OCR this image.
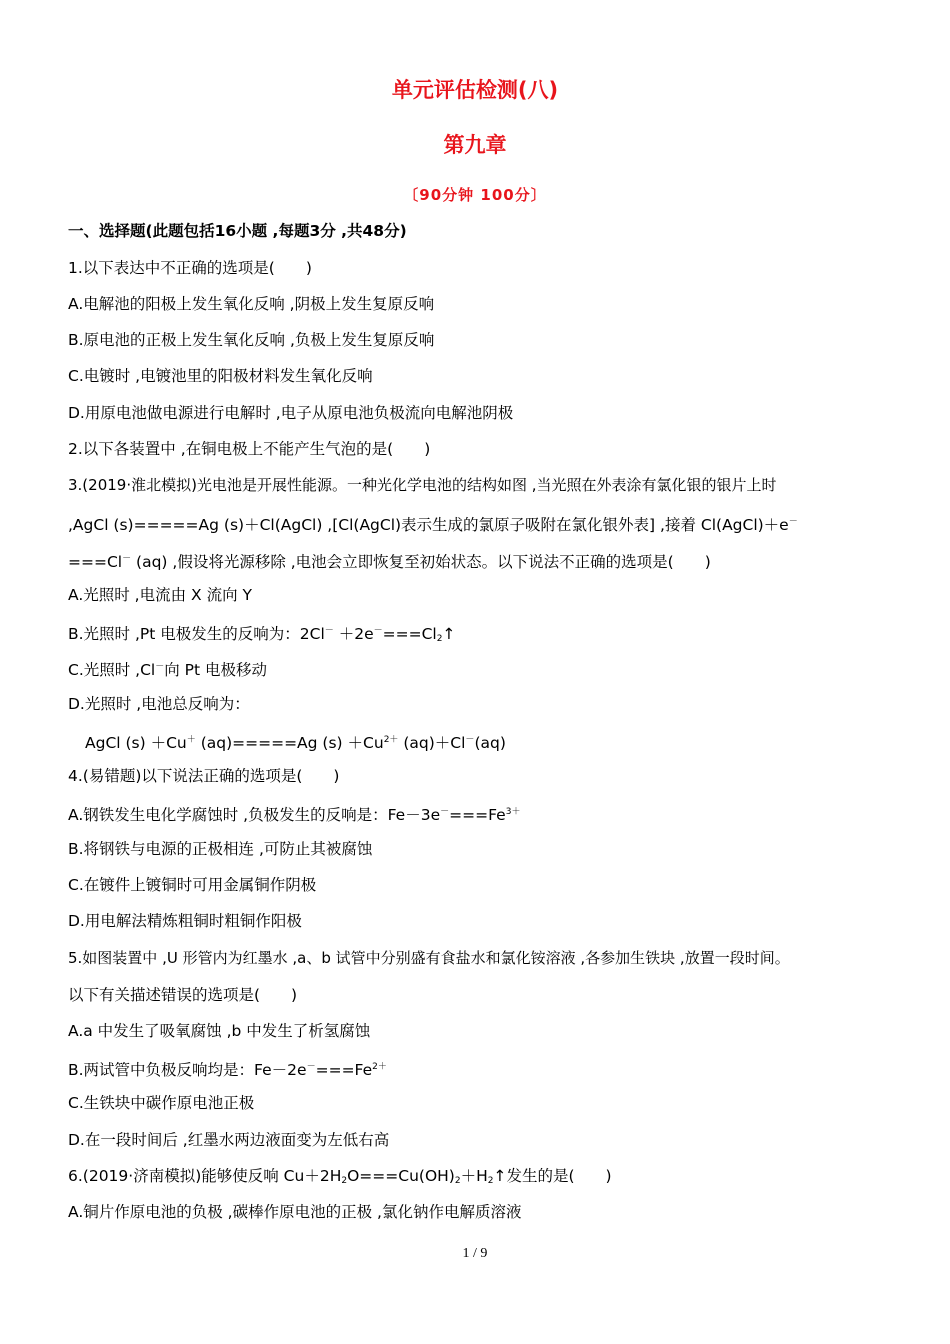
单元评估检测(八)
第九章
〔90分钟 100分〕
一、选择题(此题包括16小题 ,每题3分 ,共48分)
1.以下表达中不正确的选项是(　　)
A.电解池的阳极上发生氧化反响 ,阴极上发生复原反响
B.原电池的正极上发生氧化反响 ,负极上发生复原反响
C.电镀时 ,电镀池里的阳极材料发生氧化反响
D.用原电池做电源进行电解时 ,电子从原电池负极流向电解池阴极
2.以下各装置中 ,在铜电极上不能产生气泡的是(　　)
3.(2019·淮北模拟)光电池是开展性能源。一种光化学电池的结构如图 ,当光照在外表涂有氯化银的银片上时
,AgCl (s)=====Ag (s)＋Cl(AgCl) ,[Cl(AgCl)表示生成的氯原子吸附在氯化银外表] ,接着 Cl(AgCl)＋e－
===Cl－ (aq) ,假设将光源移除 ,电池会立即恢复至初始状态。以下说法不正确的选项是(　　)
A.光照时 ,电流由 X 流向 Y
B.光照时 ,Pt 电极发生的反响为：$2Cl^- +2e^-===Cl_2↑$
C.光照时 ,Cl－向 Pt 电极移动
D.光照时 ,电池总反响为：
AgCl (s) ＋Cu＋ (aq)=====Ag $(s) +Cu^{2+}$ (aq)＋Cl－(aq)
4.(易错题)以下说法正确的选项是(　　)
A.钢铁发生电化学腐蚀时 ,负极发生的反响是：$Fe-3e^-===Fe^{3+}$
B.将钢铁与电源的正极相连 ,可防止其被腐蚀
C.在镀件上镀铜时可用金属铜作阴极
D.用电解法精炼粗铜时粗铜作阳极
5.如图装置中 ,U 形管内为红墨水 ,a、b 试管中分别盛有食盐水和氯化铵溶液 ,各参加生铁块 ,放置一段时间。
以下有关描述错误的选项是(　　)
A.a 中发生了吸氧腐蚀 ,b 中发生了析氢腐蚀
B.两试管中负极反响均是：$Fe-2e^-===Fe^{2+}$
C.生铁块中碳作原电池正极
D.在一段时间后 ,红墨水两边液面变为左低右高
6.(2019·济南模拟)能够使反响 $Cu+2H_2O===Cu(OH)_2+H_2↑$发生的是(　　)
A.铜片作原电池的负极 ,碳棒作原电池的正极 ,氯化钠作电解质溶液
1 / 9
